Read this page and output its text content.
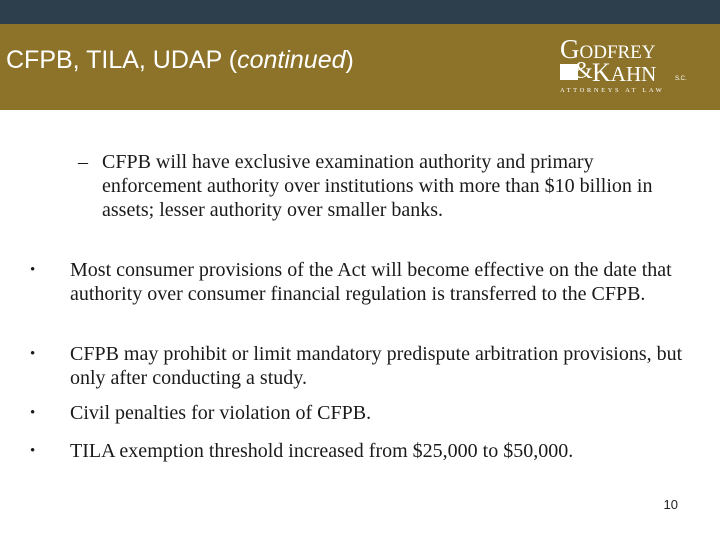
CFPB, TILA, UDAP (continued)	GODFREY
& KAHN	S.C.
ATTORNEYS AT LAW
– CFPB will have exclusive examination authority and primary enforcement authority over institutions with more than $10 billion in assets; lesser authority over smaller banks.
• Most consumer provisions of the Act will become effective on the date that authority over consumer financial regulation is transferred to the CFPB.
• CFPB may prohibit or limit mandatory predispute arbitration provisions, but only after conducting a study.
• Civil penalties for violation of CFPB.
• TILA exemption threshold increased from $25,000 to $50,000.
10
